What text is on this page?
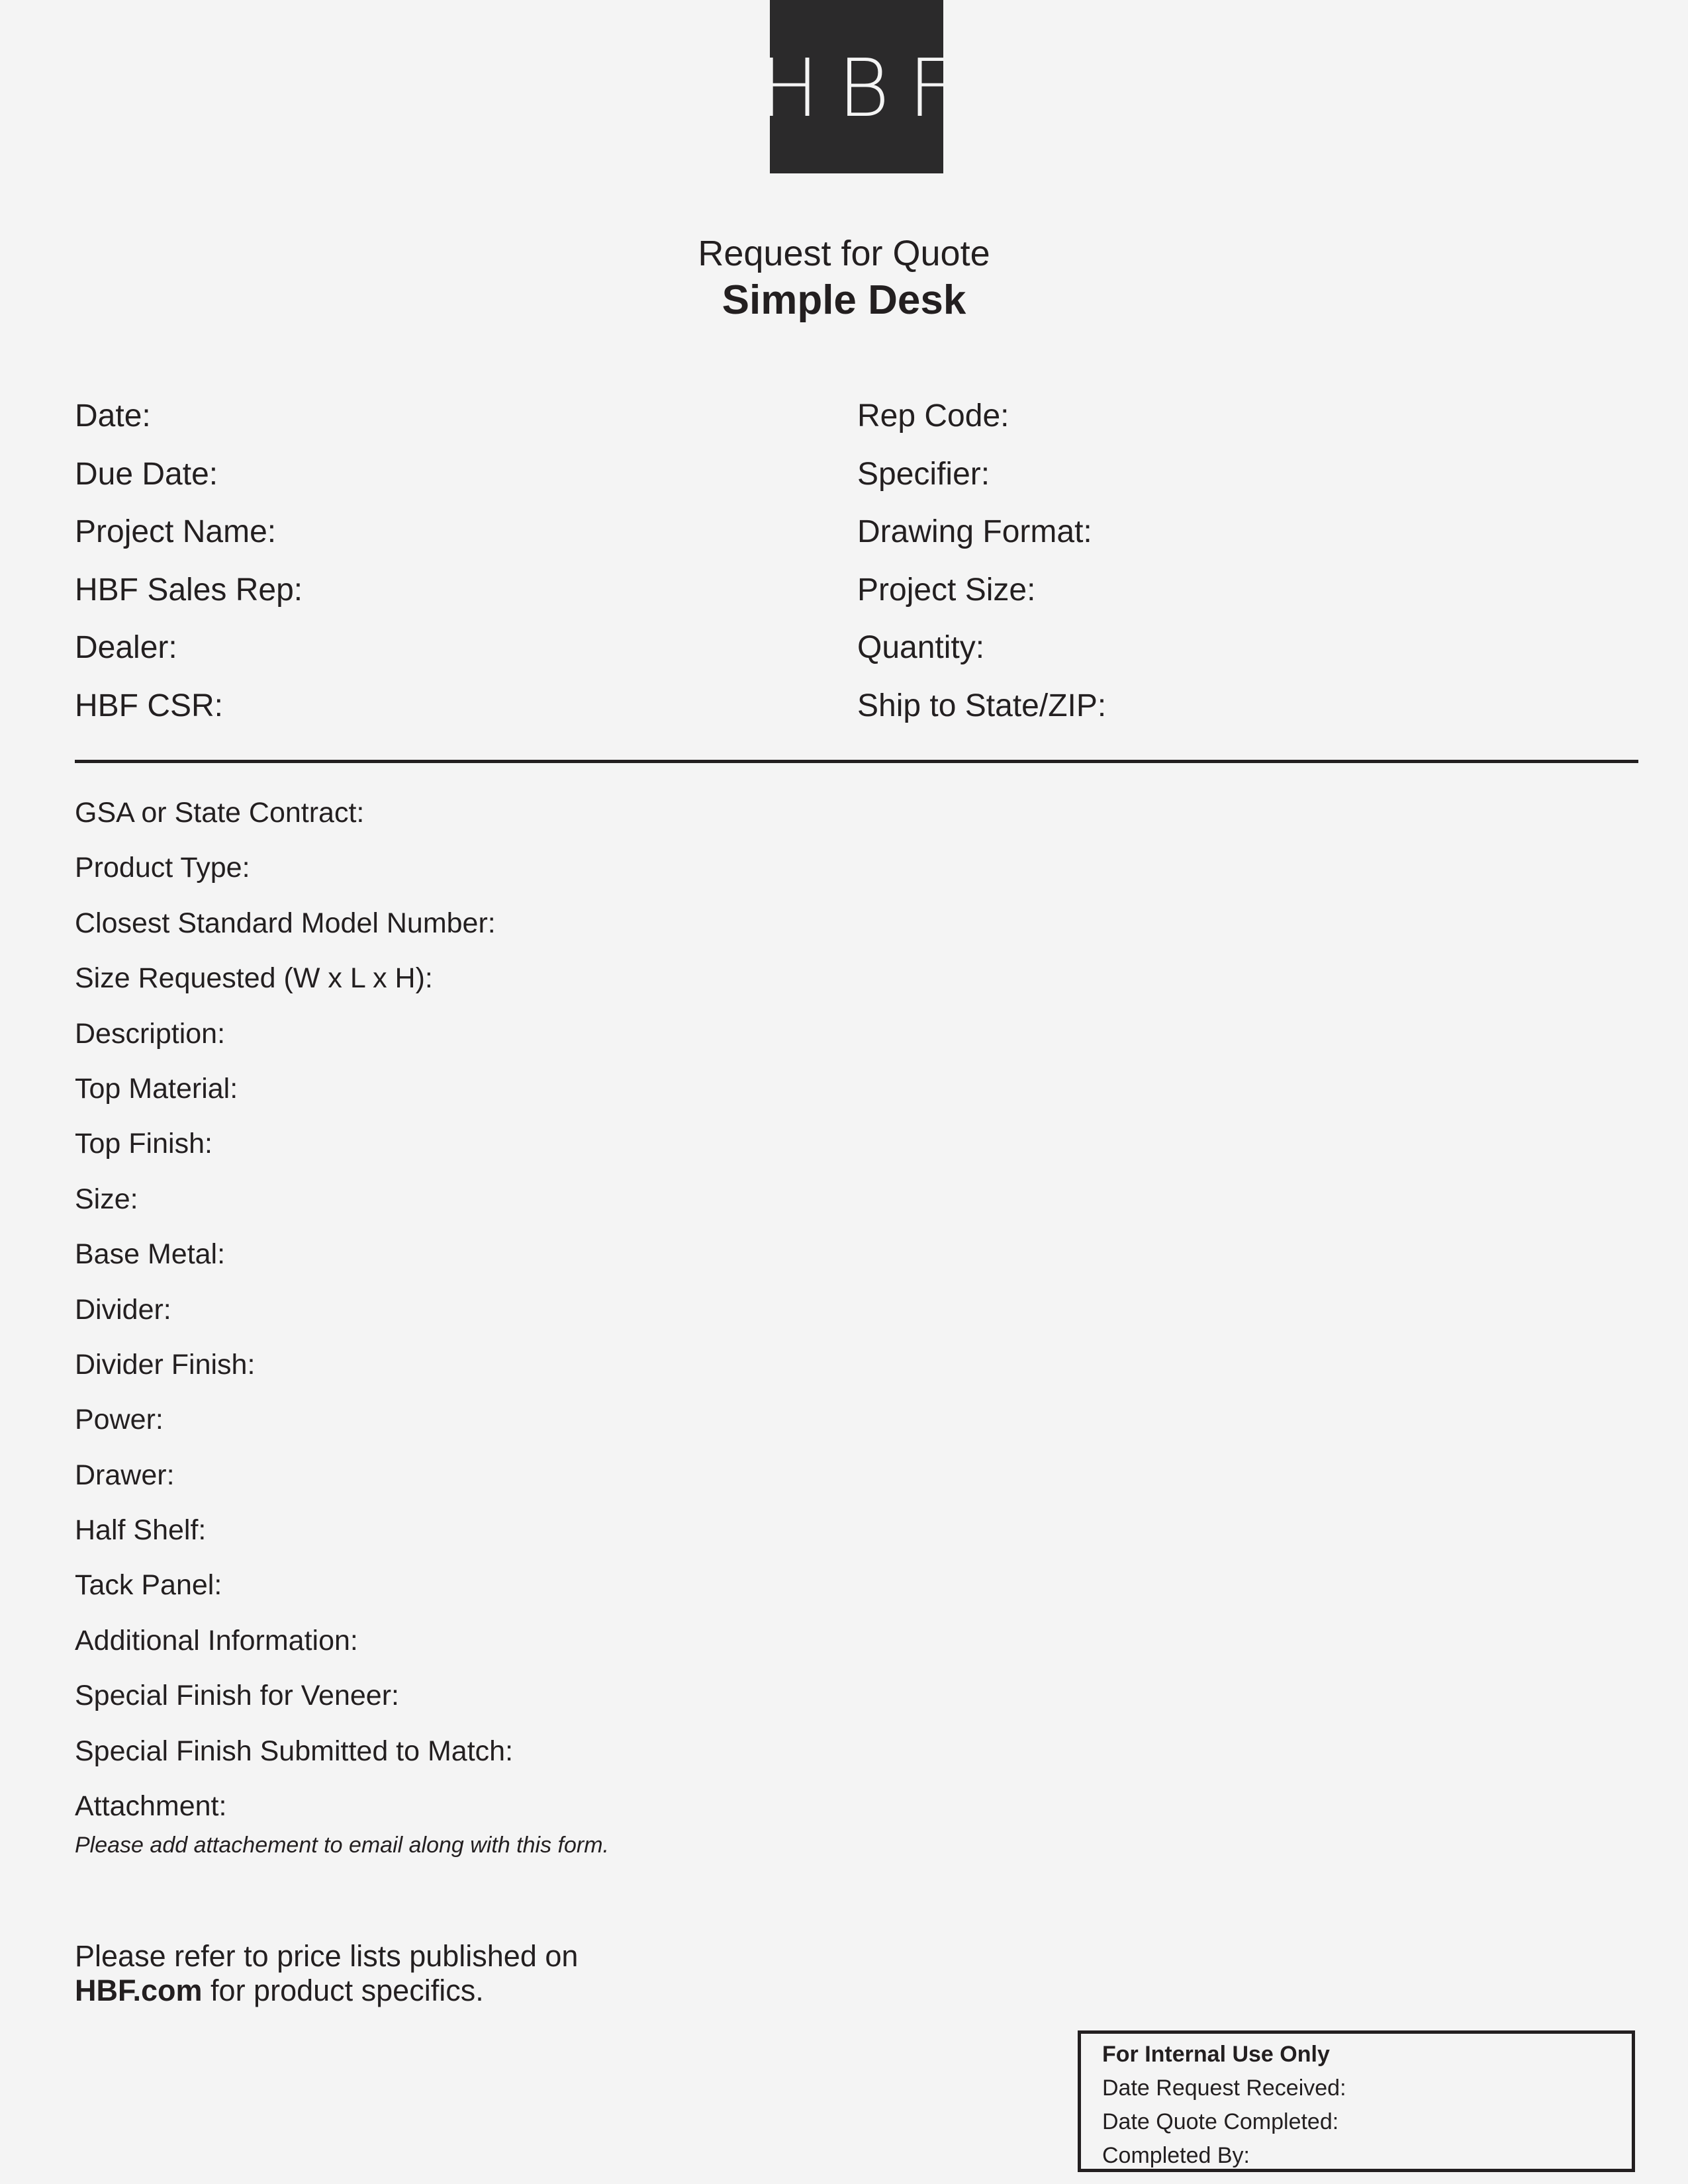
HBF
Request for Quote
Simple Desk
Date:
Due Date:
Project Name:
HBF Sales Rep:
Dealer:
HBF CSR:
Rep Code:
Specifier:
Drawing Format:
Project Size:
Quantity:
Ship to State/ZIP:
GSA or State Contract:
Product Type:
Closest Standard Model Number:
Size Requested (W x L x H):
Description:
Top Material:
Top Finish:
Size:
Base Metal:
Divider:
Divider Finish:
Power:
Drawer:
Half Shelf:
Tack Panel:
Additional Information:
Special Finish for Veneer:
Special Finish Submitted to Match:
Attachment:
Please add attachement to email along with this form.
Please refer to price lists published on
HBF.com for product specifics.
For Internal Use Only
Date Request Received:
Date Quote Completed:
Completed By:
